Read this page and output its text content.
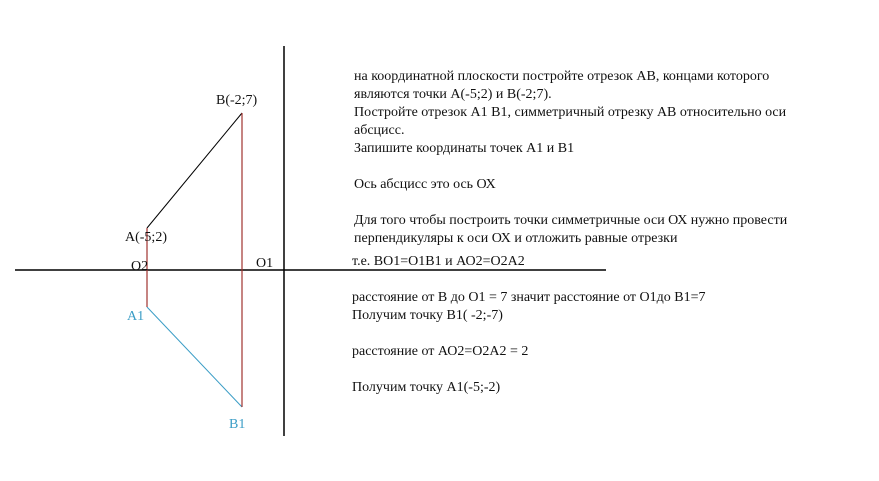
B(-2;7)
A(-5;2)
O2	O1
A1
B1
на координатной плоскости постройте отрезок АВ, концами которого
являются точки А(-5;2) и В(-2;7).
Постройте отрезок А1 В1, симметричный отрезку АВ относительно оси
абсцисс.
Запишите координаты точек А1 и В1
Ось абсцисс это ось ОХ
Для того чтобы построить точки симметричные оси ОХ нужно провести
перпендикуляры к оси ОХ и отложить равные отрезки
т.е. ВО1=О1В1 и АО2=О2А2
расстояние от В до О1 = 7 значит расстояние от О1до В1=7
Получим точку В1( -2;-7)
расстояние от АО2=О2А2 = 2
Получим точку А1(-5;-2)
